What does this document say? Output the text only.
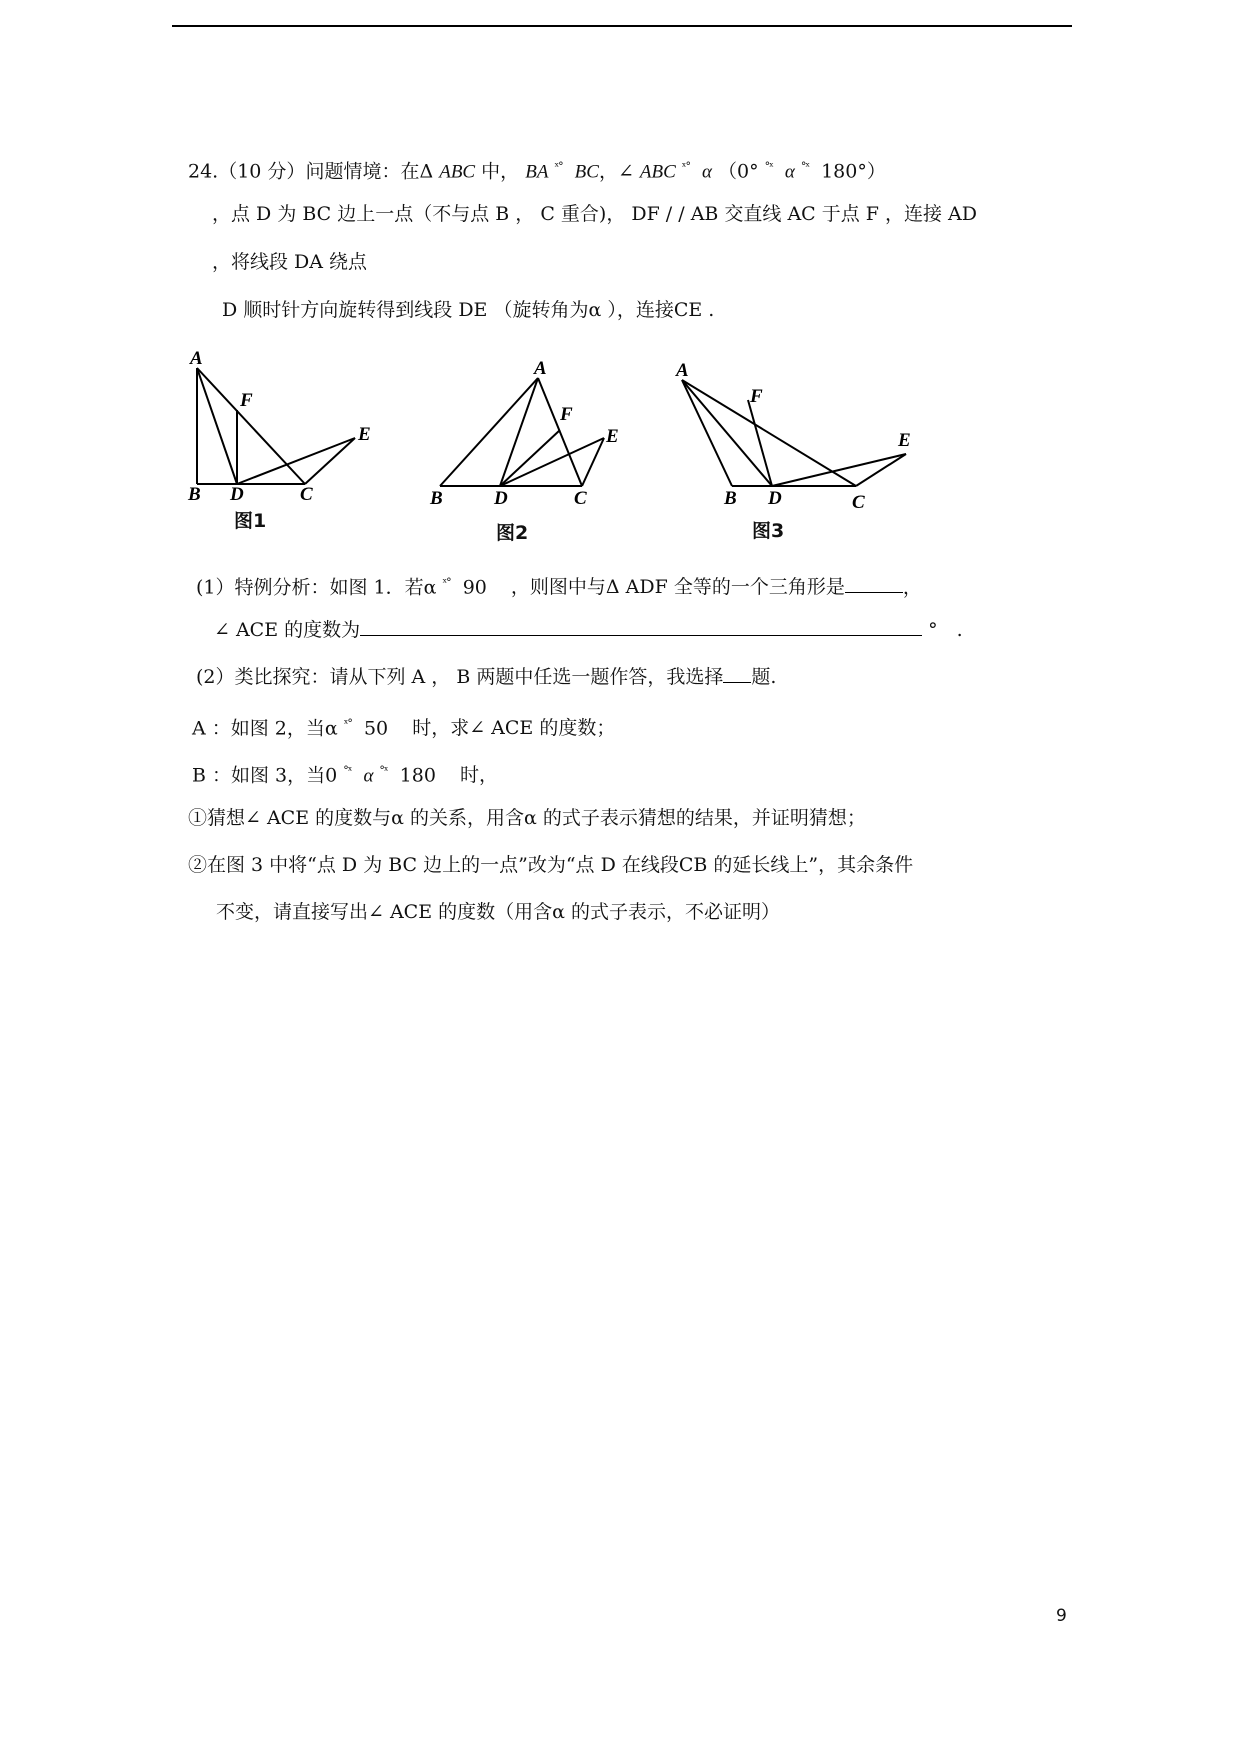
24.（10 分）问题情境：在Δ ABC 中， BA $^{ˣ^\circ}$ BC，∠ ABC $^{ˣ^\circ}$ α （0° $^{^\circ ˣ}$ α $^{^\circ ˣ}$ 180°）
，点 D 为 BC 边上一点（不与点 B ， C 重合)， DF / / AB 交直线 AC 于点 F ，连接 AD
，将线段 DA 绕点
D 顺时针方向旋转得到线段 DE （旋转角为α ），连接CE .
A
F
E
B D	C
图1
A
F
E
B	D	C
图2
A
F
E
B D	C
图3
(1）特例分析：如图 1．若α $^{ˣ^\circ}$ 90 ，则图中与Δ ADF 全等的一个三角形是	，
∠ ACE 的度数为	°　.
(2）类比探究：请从下列 A ， B 两题中任选一题作答，我选择 题.
A ：如图 2，当α $^{ˣ^\circ}$ 50 时，求∠ ACE 的度数；
B ：如图 3，当0 $^{^\circ ˣ}$ α $^{^\circ ˣ}$ 180 时，
①猜想∠ ACE 的度数与α 的关系，用含α 的式子表示猜想的结果，并证明猜想；
②在图 3 中将“点 D 为 BC 边上的一点”改为“点 D 在线段CB 的延长线上”，其余条件
不变，请直接写出∠ ACE 的度数（用含α 的式子表示，不必证明）
9
